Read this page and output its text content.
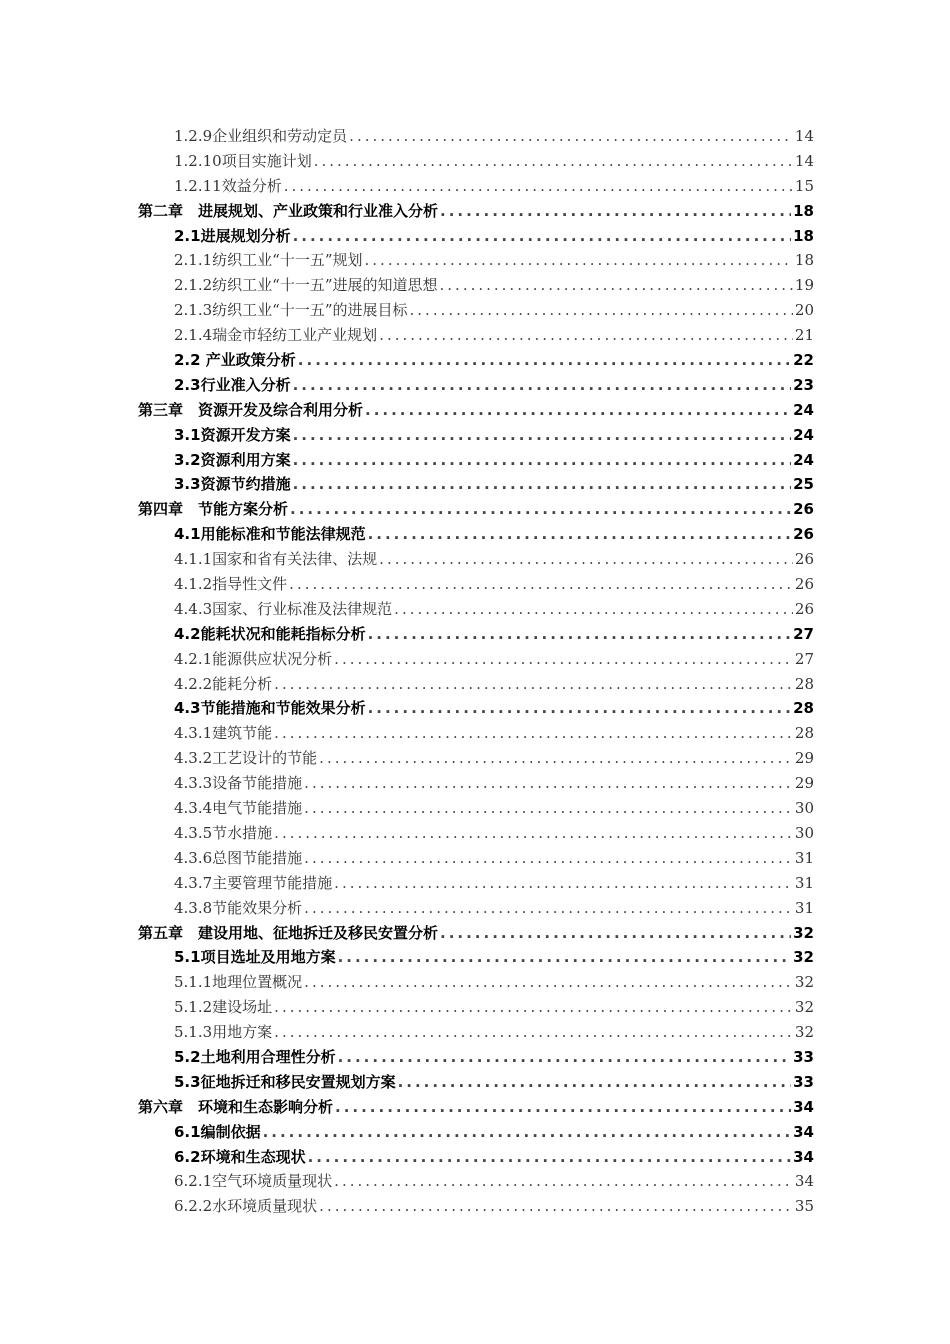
1.2.9企业组织和劳动定员 .....	14
1.2.10项目实施计划 .....	14
1.2.11效益分析 .....	15
第二章　进展规划、产业政策和行业准入分析 .....	18
2.1进展规划分析 .....	18
2.1.1纺织工业“十一五”规划 .....	18
2.1.2纺织工业“十一五”进展的知道思想 .....	19
2.1.3纺织工业“十一五”的进展目标 .....	20
2.1.4瑞金市轻纺工业产业规划 .....	21
2.2 产业政策分析 .....	22
2.3行业准入分析 .....	23
第三章　资源开发及综合利用分析 .....	24
3.1资源开发方案 .....	24
3.2资源利用方案 .....	24
3.3资源节约措施 .....	25
第四章　节能方案分析 .....	26
4.1用能标准和节能法律规范 .....	26
4.1.1国家和省有关法律、法规 .....	26
4.1.2指导性文件 .....	26
4.4.3国家、行业标准及法律规范 .....	26
4.2能耗状况和能耗指标分析 .....	27
4.2.1能源供应状况分析 .....	27
4.2.2能耗分析 .....	28
4.3节能措施和节能效果分析 .....	28
4.3.1建筑节能 .....	28
4.3.2工艺设计的节能 .....	29
4.3.3设备节能措施 .....	29
4.3.4电气节能措施 .....	30
4.3.5节水措施 .....	30
4.3.6总图节能措施 .....	31
4.3.7主要管理节能措施 .....	31
4.3.8节能效果分析 .....	31
第五章　建设用地、征地拆迁及移民安置分析 .....	32
5.1项目选址及用地方案 .....	32
5.1.1地理位置概况 .....	32
5.1.2建设场址 .....	32
5.1.3用地方案 .....	32
5.2土地利用合理性分析 .....	33
5.3征地拆迁和移民安置规划方案 .....	33
第六章　环境和生态影响分析 .....	34
6.1编制依据 .....	34
6.2环境和生态现状 .....	34
6.2.1空气环境质量现状 .....	34
6.2.2水环境质量现状 .....	35
